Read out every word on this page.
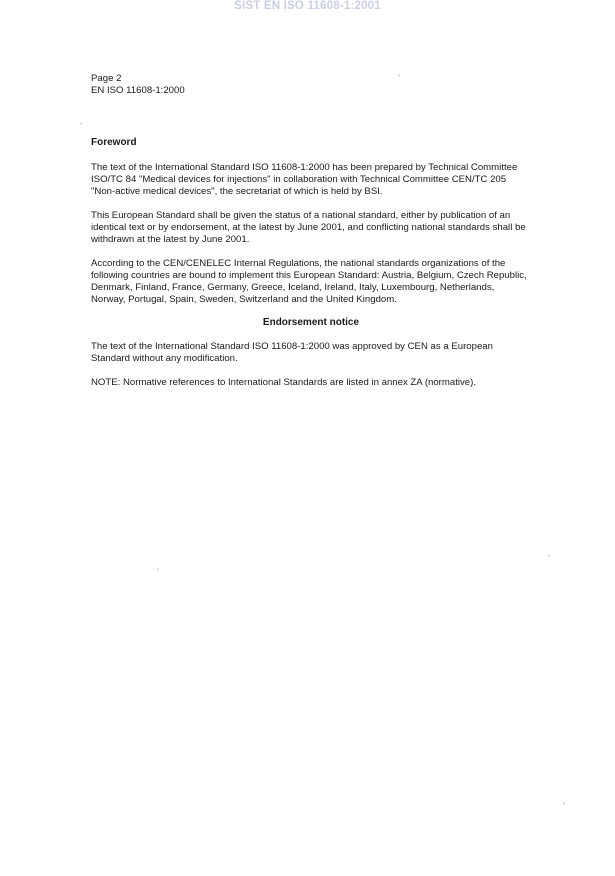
SIST EN ISO 11608-1:2001

Page 2

EN ISO 11608-1:2000

Foreword

The text of the International Standard ISO 11608-1:2000 has been prepared by Technical Committee ISO/TC 84 "Medical devices for injections" in collaboration with Technical Committee CEN/TC 205 "Non-active medical devices", the secretariat of which is held by BSI.

This European Standard shall be given the status of a national standard, either by publication of an identical text or by endorsement, at the latest by June 2001, and conflicting national standards shall be withdrawn at the latest by June 2001.

According to the CEN/CENELEC Internal Regulations, the national standards organizations of the following countries are bound to implement this European Standard: Austria, Belgium, Czech Republic, Denmark, Finland, France, Germany, Greece, Iceland, Ireland, Italy, Luxembourg, Netherlands, Norway, Portugal, Spain, Sweden, Switzerland and the United Kingdom.

Endorsement notice

The text of the International Standard ISO 11608-1:2000 was approved by CEN as a European Standard without any modification.

NOTE: Normative references to International Standards are listed in annex ZA (normative).
